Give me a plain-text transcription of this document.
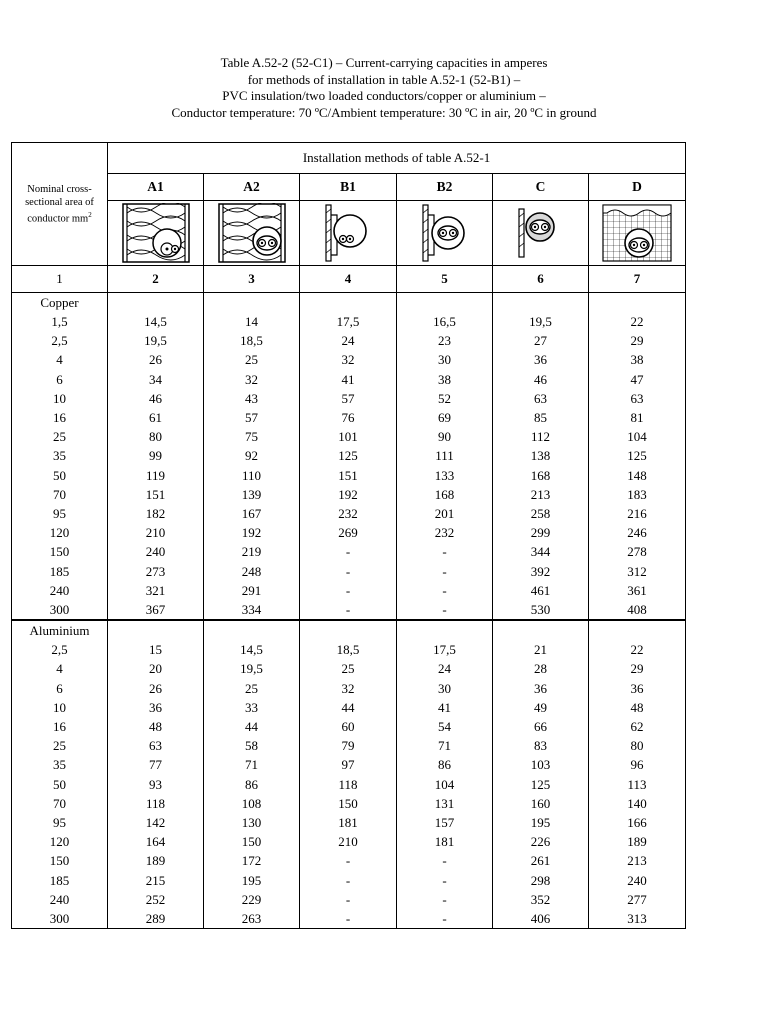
Table A.52-2 (52-C1) – Current-carrying capacities in amperes
for methods of installation in table A.52-1 (52-B1) –
PVC insulation/two loaded conductors/copper or aluminium –
Conductor temperature: 70 ºC/Ambient temperature: 30 ºC in air, 20 ºC in ground
Nominal cross-
sectional area of
conductor $mm^2$	Installation methods of table A.52-1					
	A1	A2	B1	B2	C	D

1	2	3	4	5	6	7
Copper						
1,5	14,5	14	17,5	16,5	19,5	22
2,5	19,5	18,5	24	23	27	29
4	26	25	32	30	36	38
6	34	32	41	38	46	47
10	46	43	57	52	63	63
16	61	57	76	69	85	81
25	80	75	101	90	112	104
35	99	92	125	111	138	125
50	119	110	151	133	168	148
70	151	139	192	168	213	183
95	182	167	232	201	258	216
120	210	192	269	232	299	246
150	240	219	-	-	344	278
185	273	248	-	-	392	312
240	321	291	-	-	461	361
300	367	334	-	-	530	408
Aluminium						
2,5	15	14,5	18,5	17,5	21	22
4	20	19,5	25	24	28	29
6	26	25	32	30	36	36
10	36	33	44	41	49	48
16	48	44	60	54	66	62
25	63	58	79	71	83	80
35	77	71	97	86	103	96
50	93	86	118	104	125	113
70	118	108	150	131	160	140
95	142	130	181	157	195	166
120	164	150	210	181	226	189
150	189	172	-	-	261	213
185	215	195	-	-	298	240
240	252	229	-	-	352	277
300	289	263	-	-	406	313
